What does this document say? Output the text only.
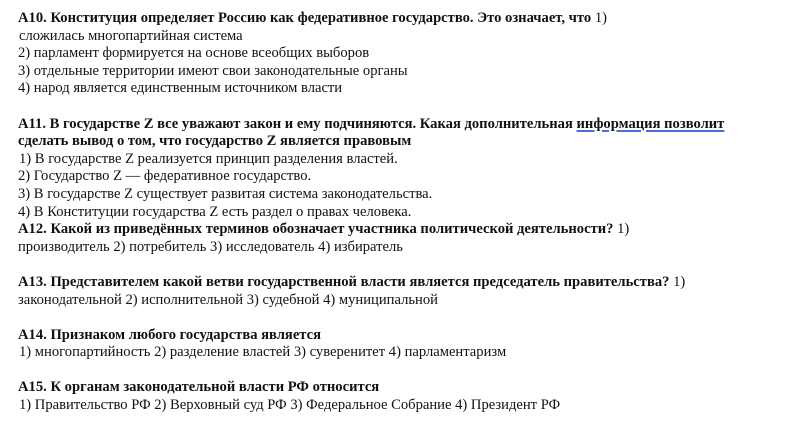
A10. Конституция определяет Россию как федеративное государство. Это означает, что 1)
сложилась многопартийная система
2) парламент формируется на основе всеобщих выборов
3) отдельные территории имеют свои законодательные органы
4) народ является единственным источником власти
A11. В государстве Z все уважают закон и ему подчиняются. Какая дополнительная информация позволит
сделать вывод о том, что государство Z является правовым
1) В государстве Z реализуется принцип разделения властей.
2) Государство Z — федеративное государство.
3) В государстве Z существует развитая система законодательства.
4) В Конституции государства Z есть раздел о правах человека.
A12. Какой из приведённых терминов обозначает участника политической деятельности? 1)
производитель 2) потребитель 3) исследователь 4) избиратель
A13. Представителем какой ветви государственной власти является председатель правительства? 1)
законодательной 2) исполнительной 3) судебной 4) муниципальной
A14. Признаком любого государства является
1) многопартийность 2) разделение властей 3) суверенитет 4) парламентаризм
A15. К органам законодательной власти РФ относится
1) Правительство РФ 2) Верховный суд РФ 3) Федеральное Собрание 4) Президент РФ
